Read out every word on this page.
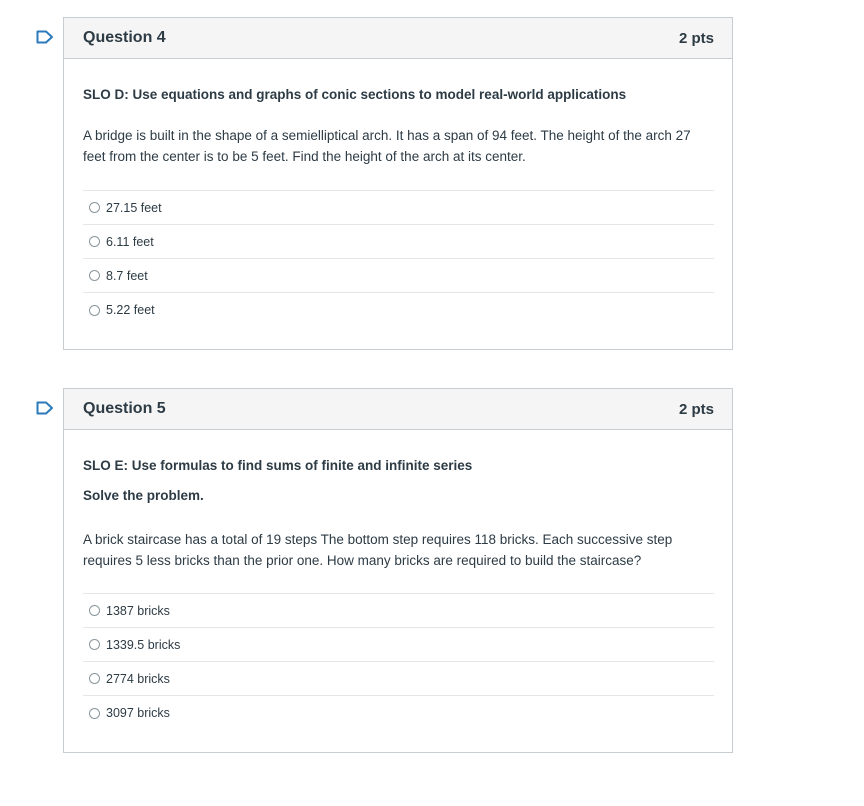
Question 4	2 pts

SLO D: Use equations and graphs of conic sections to model real-world applications

A bridge is built in the shape of a semielliptical arch. It has a span of 94 feet. The height of the arch 27 feet from the center is to be 5 feet. Find the height of the arch at its center.

27.15 feet
6.11 feet
8.7 feet
5.22 feet
Question 5	2 pts

SLO E: Use formulas to find sums of finite and infinite series

Solve the problem.

A brick staircase has a total of 19 steps The bottom step requires 118 bricks. Each successive step requires 5 less bricks than the prior one. How many bricks are required to build the staircase?

1387 bricks
1339.5 bricks
2774 bricks
3097 bricks
